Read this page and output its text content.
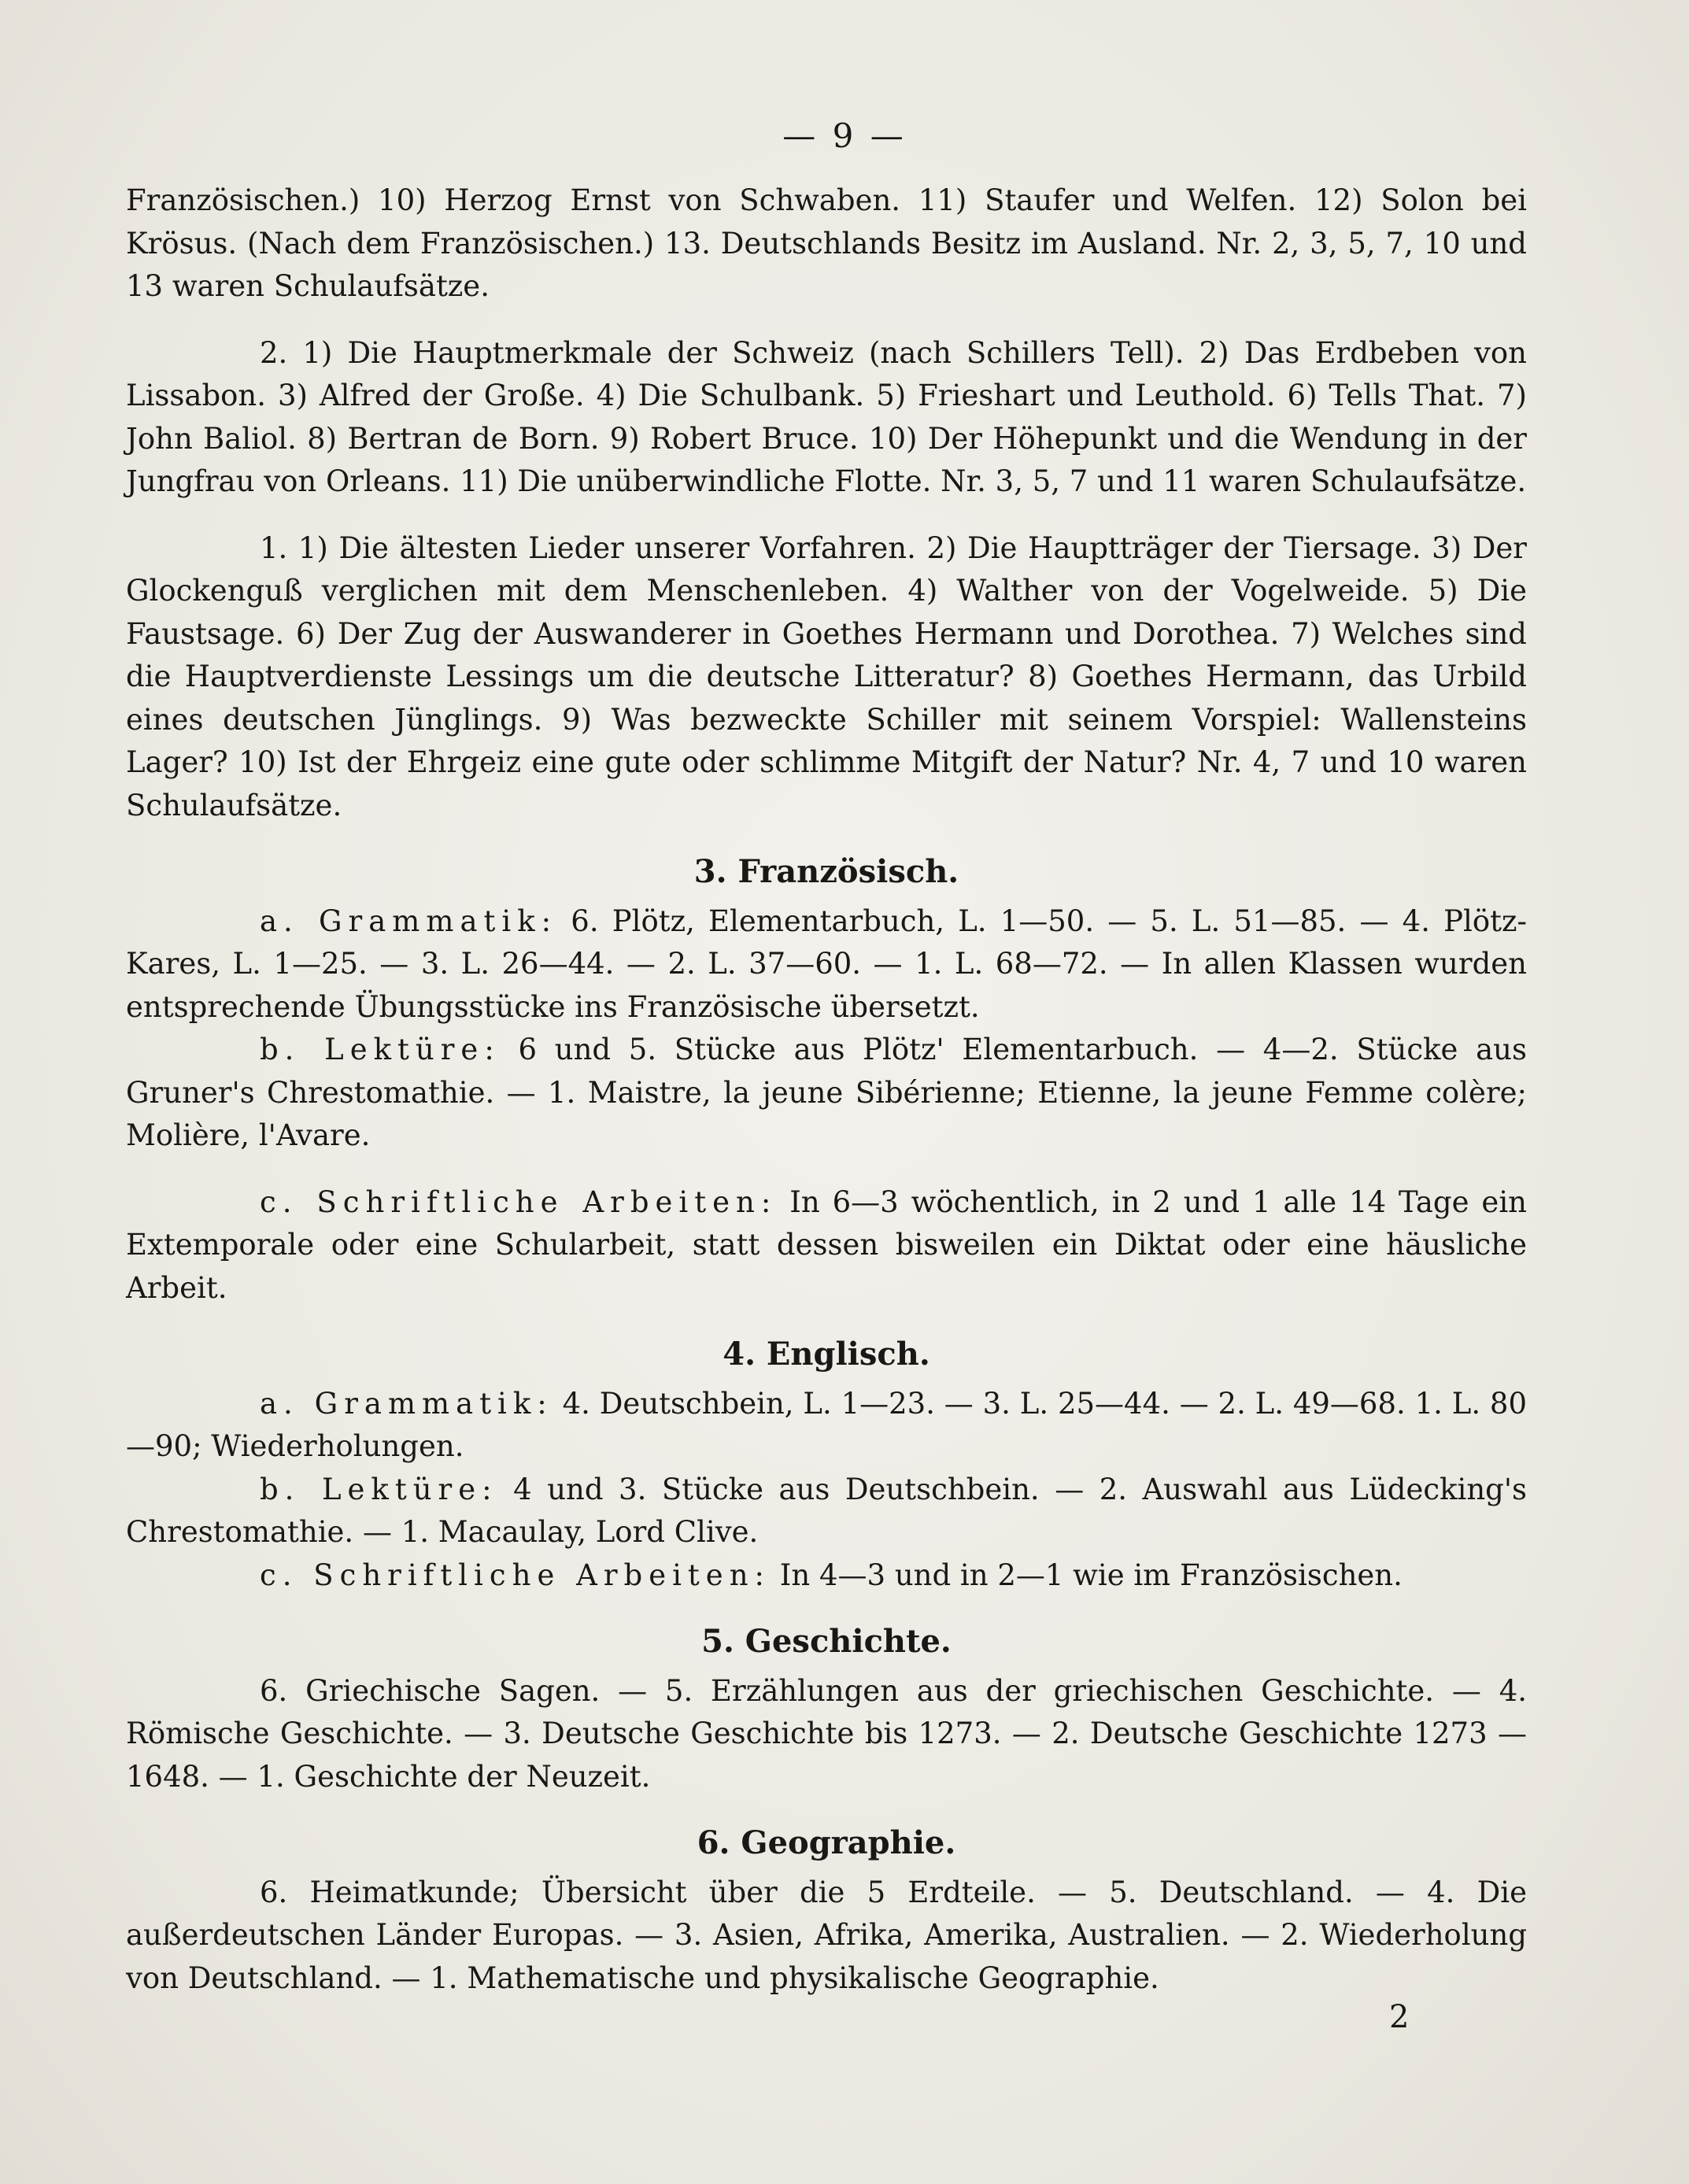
— 9 —

Französischen.) 10) Herzog Ernst von Schwaben. 11) Staufer und Welfen. 12) Solon bei Krösus. (Nach dem Französischen.) 13. Deutschlands Besitz im Ausland. Nr. 2, 3, 5, 7, 10 und 13 waren Schulaufsätze.

2. 1) Die Hauptmerkmale der Schweiz (nach Schillers Tell). 2) Das Erdbeben von Lissabon. 3) Alfred der Große. 4) Die Schulbank. 5) Frieshart und Leuthold. 6) Tells That. 7) John Baliol. 8) Bertran de Born. 9) Robert Bruce. 10) Der Höhepunkt und die Wendung in der Jungfrau von Orleans. 11) Die unüberwindliche Flotte. Nr. 3, 5, 7 und 11 waren Schulaufsätze.

1. 1) Die ältesten Lieder unserer Vorfahren. 2) Die Hauptträger der Tiersage. 3) Der Glockenguß verglichen mit dem Menschenleben. 4) Walther von der Vogelweide. 5) Die Faustsage. 6) Der Zug der Auswanderer in Goethes Hermann und Dorothea. 7) Welches sind die Hauptverdienste Lessings um die deutsche Litteratur? 8) Goethes Hermann, das Urbild eines deutschen Jünglings. 9) Was bezweckte Schiller mit seinem Vorspiel: Wallensteins Lager? 10) Ist der Ehrgeiz eine gute oder schlimme Mitgift der Natur? Nr. 4, 7 und 10 waren Schulaufsätze.

3. Französisch.

a. Grammatik: 6. Plötz, Elementarbuch, L. 1—50. — 5. L. 51—85. — 4. Plötz-Kares, L. 1—25. — 3. L. 26—44. — 2. L. 37—60. — 1. L. 68—72. — In allen Klassen wurden entsprechende Übungsstücke ins Französische übersetzt.

b. Lektüre: 6 und 5. Stücke aus Plötz' Elementarbuch. — 4—2. Stücke aus Gruner's Chrestomathie. — 1. Maistre, la jeune Sibérienne; Etienne, la jeune Femme colère; Molière, l'Avare.

c. Schriftliche Arbeiten: In 6—3 wöchentlich, in 2 und 1 alle 14 Tage ein Extemporale oder eine Schularbeit, statt dessen bisweilen ein Diktat oder eine häusliche Arbeit.

4. Englisch.

a. Grammatik: 4. Deutschbein, L. 1—23. — 3. L. 25—44. — 2. L. 49—68. 1. L. 80—90; Wiederholungen.

b. Lektüre: 4 und 3. Stücke aus Deutschbein. — 2. Auswahl aus Lüdecking's Chrestomathie. — 1. Macaulay, Lord Clive.

c. Schriftliche Arbeiten: In 4—3 und in 2—1 wie im Französischen.

5. Geschichte.

6. Griechische Sagen. — 5. Erzählungen aus der griechischen Geschichte. — 4. Römische Geschichte. — 3. Deutsche Geschichte bis 1273. — 2. Deutsche Geschichte 1273 — 1648. — 1. Geschichte der Neuzeit.

6. Geographie.

6. Heimatkunde; Übersicht über die 5 Erdteile. — 5. Deutschland. — 4. Die außerdeutschen Länder Europas. — 3. Asien, Afrika, Amerika, Australien. — 2. Wiederholung von Deutschland. — 1. Mathematische und physikalische Geographie.

2
